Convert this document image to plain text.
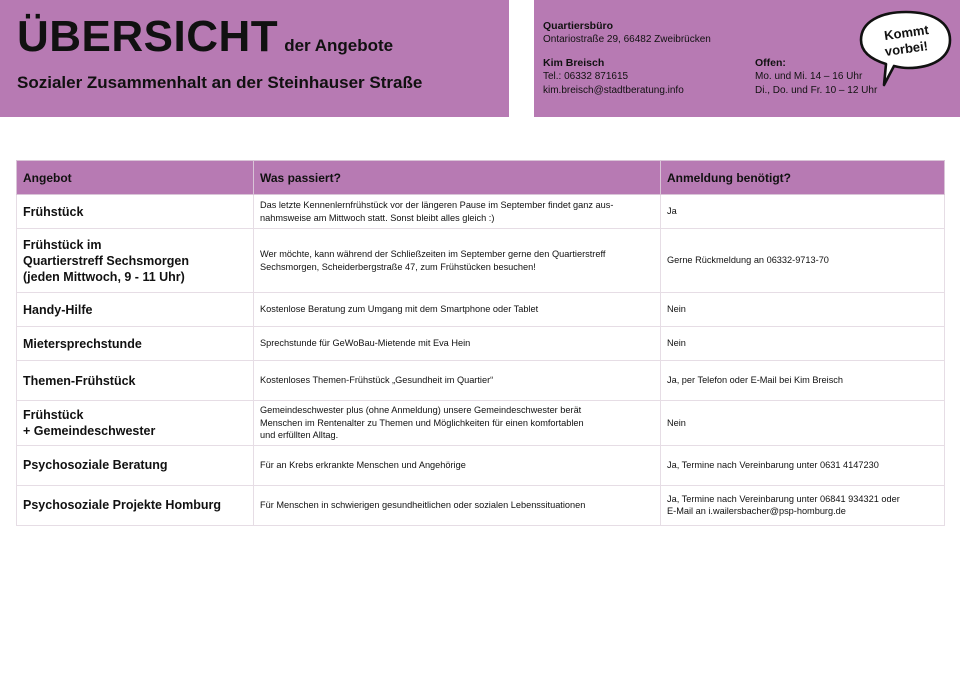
ÜBERSICHT der Angebote
Sozialer Zusammenhalt an der Steinhauser Straße
Quartiersbüro
Ontariostraße 29, 66482 Zweibrücken
Kim Breisch
Tel.: 06332 871615
kim.breisch@stadtberatung.info
Offen:
Mo. und Mi. 14 – 16 Uhr
Di., Do. und Fr. 10 – 12 Uhr
Kommt
vorbei!
Angebot	Was passiert?	Anmeldung benötigt?
Frühstück	Das letzte Kennenlernfrühstück vor der längeren Pause im September findet ganz aus-
nahmsweise am Mittwoch statt. Sonst bleibt alles gleich :)	Ja
Frühstück im
Quartierstreff Sechsmorgen
(jeden Mittwoch, 9 - 11 Uhr)	Wer möchte, kann während der Schließzeiten im September gerne den Quartierstreff
Sechsmorgen, Scheiderbergstraße 47, zum Frühstücken besuchen!	Gerne Rückmeldung an 06332-9713-70
Handy-Hilfe	Kostenlose Beratung zum Umgang mit dem Smartphone oder Tablet	Nein
Mietersprechstunde	Sprechstunde für GeWoBau-Mietende mit Eva Hein	Nein
Themen-Frühstück	Kostenloses Themen-Frühstück „Gesundheit im Quartier“	Ja, per Telefon oder E-Mail bei Kim Breisch
Frühstück
+ Gemeindeschwester	Gemeindeschwester plus (ohne Anmeldung) unsere Gemeindeschwester berät
Menschen im Rentenalter zu Themen und Möglichkeiten für einen komfortablen
und erfüllten Alltag.	Nein
Psychosoziale Beratung	Für an Krebs erkrankte Menschen und Angehörige	Ja, Termine nach Vereinbarung unter 0631 4147230
Psychosoziale Projekte Homburg	Für Menschen in schwierigen gesundheitlichen oder sozialen Lebenssituationen	Ja, Termine nach Vereinbarung unter 06841 934321 oder
E-Mail an i.wailersbacher@psp-homburg.de
